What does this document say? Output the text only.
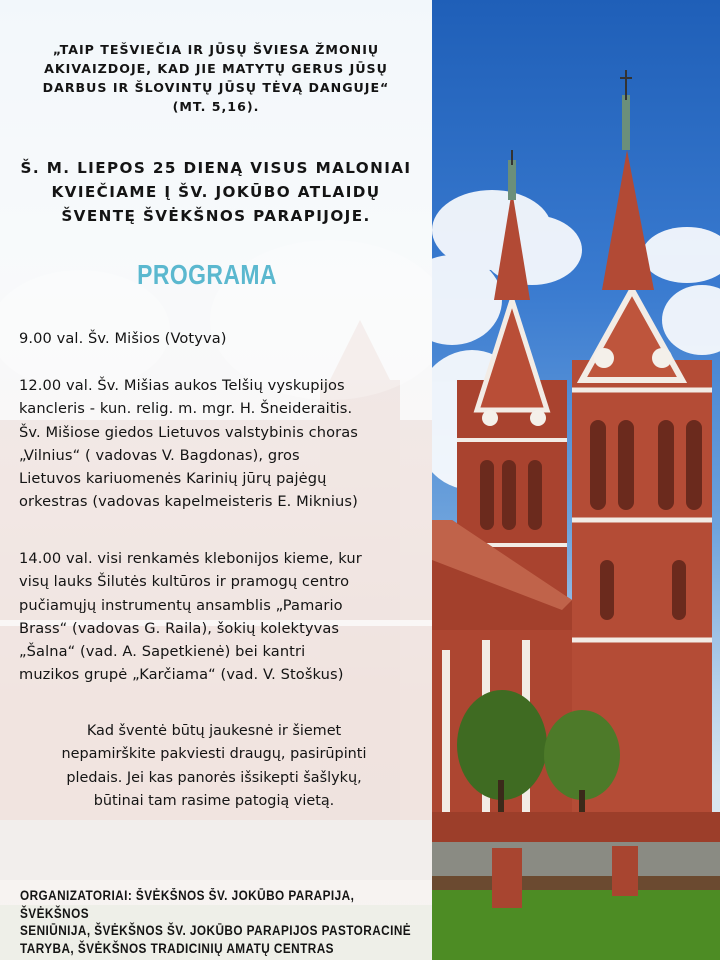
„TAIP TEŠVIEČIA IR JŪSŲ ŠVIESA ŽMONIŲ
AKIVAIZDOJE, KAD JIE MATYTŲ GERUS JŪSŲ
DARBUS IR ŠLOVINTŲ JŪSŲ TĖVĄ DANGUJE“
(MT. 5,16).
Š. M. LIEPOS 25 DIENĄ VISUS MALONIAI
KVIEČIAME Į ŠV. JOKŪBO ATLAIDŲ
ŠVENTĘ ŠVĖKŠNOS PARAPIJOJE.
PROGRAMA
9.00 val. Šv. Mišios (Votyva)
12.00 val. Šv. Mišias aukos Telšių vyskupijos
kancleris - kun. relig. m. mgr. H. Šneideraitis.
Šv. Mišiose giedos Lietuvos valstybinis choras
„Vilnius“ ( vadovas V. Bagdonas), gros
Lietuvos kariuomenės Karinių jūrų pajėgų
orkestras (vadovas kapelmeisteris E. Miknius)
14.00 val. visi renkamės klebonijos kieme, kur
visų lauks Šilutės kultūros ir pramogų centro
pučiamųjų instrumentų ansamblis „Pamario
Brass“ (vadovas G. Raila), šokių kolektyvas
„Šalna“ (vad. A. Sapetkienė) bei kantri
muzikos grupė „Karčiama“ (vad. V. Stoškus)
Kad šventė būtų jaukesnė ir šiemet
nepamirškite pakviesti draugų, pasirūpinti
pledais. Jei kas panorės išsikepti šašlykų,
būtinai tam rasime patogią vietą.
ORGANIZATORIAI: ŠVĖKŠNOS ŠV. JOKŪBO PARAPIJA, ŠVĖKŠNOS
SENIŪNIJA, ŠVĖKŠNOS ŠV. JOKŪBO PARAPIJOS PASTORACINĖ
TARYBA, ŠVĖKŠNOS TRADICINIŲ AMATŲ CENTRAS
